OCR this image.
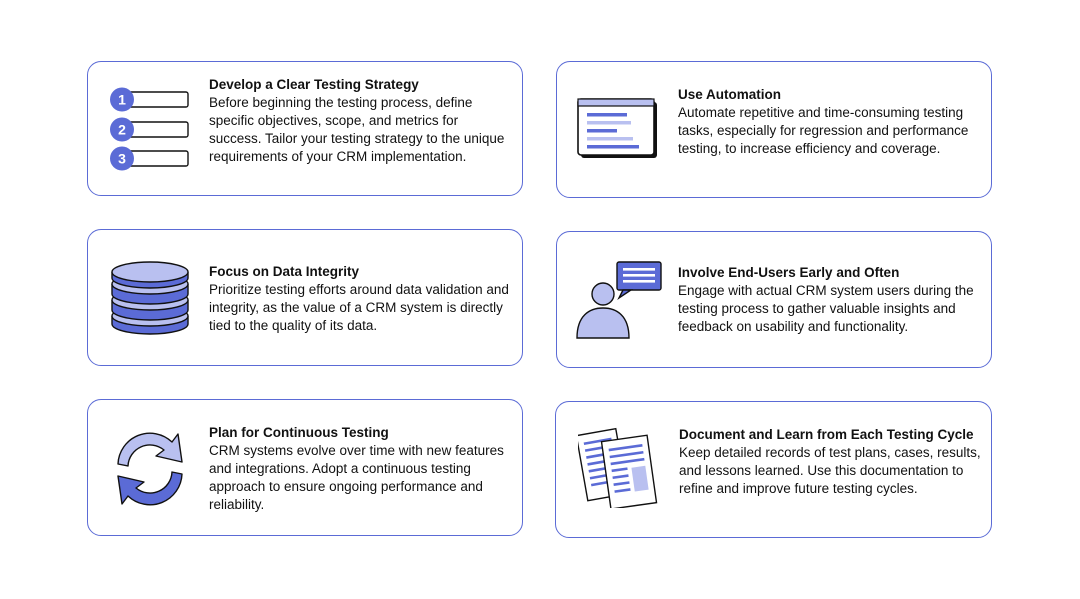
1
2
3

Develop a Clear Testing Strategy

Before beginning the testing process, define specific objectives, scope, and metrics for success. Tailor your testing strategy to the unique requirements of your CRM implementation.

Use Automation

Automate repetitive and time-consuming testing tasks, especially for regression and performance testing, to increase efficiency and coverage.

Focus on Data Integrity

Prioritize testing efforts around data validation and integrity, as the value of a CRM system is directly tied to the quality of its data.

Involve End-Users Early and Often

Engage with actual CRM system users during the testing process to gather valuable insights and feedback on usability and functionality.

Plan for Continuous Testing

CRM systems evolve over time with new features and integrations. Adopt a continuous testing approach to ensure ongoing performance and reliability.

Document and Learn from Each Testing Cycle

Keep detailed records of test plans, cases, results, and lessons learned. Use this documentation to refine and improve future testing cycles.
